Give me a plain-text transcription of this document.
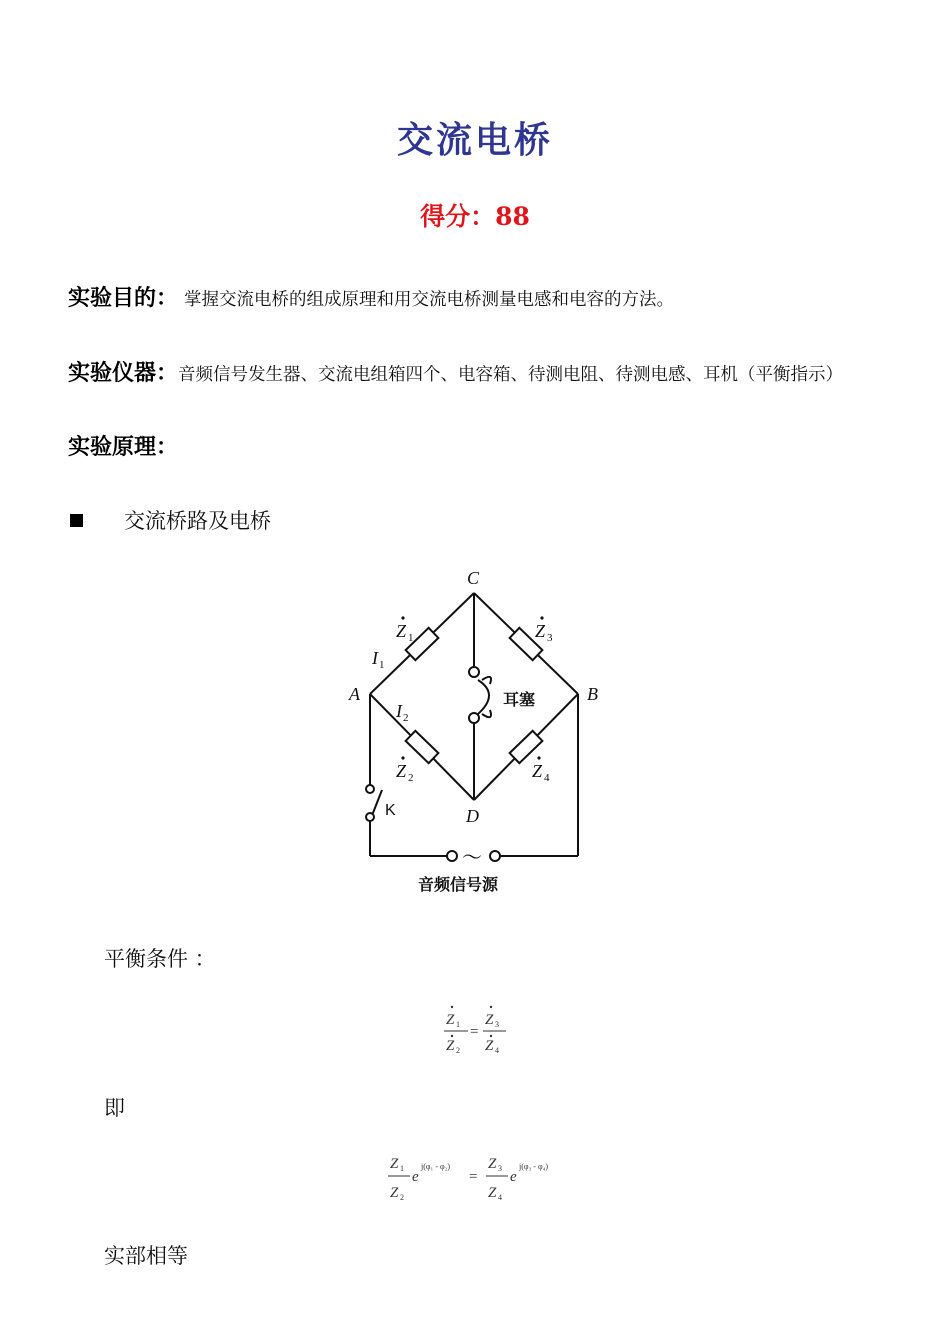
交流电桥
得分：88
实验目的： 掌握交流电桥的组成原理和用交流电桥测量电感和电容的方法。
实验仪器：音频信号发生器、交流电组箱四个、电容箱、待测电阻、待测电感、耳机（平衡指示）
实验原理：
交流桥路及电桥
C
A	B
D
Z 1	Z 3
Z 2	Z 4
I 1
I 2
K
耳塞
～
音频信号源
平衡条件 ：
Z 1
Z 2
=
Z 3
Z 4
即
Z 1
Z 2
e
j(φ₁ - φ₂)
=
Z 3
Z 4
e
j(φ₃ - φ₄)
实部相等
